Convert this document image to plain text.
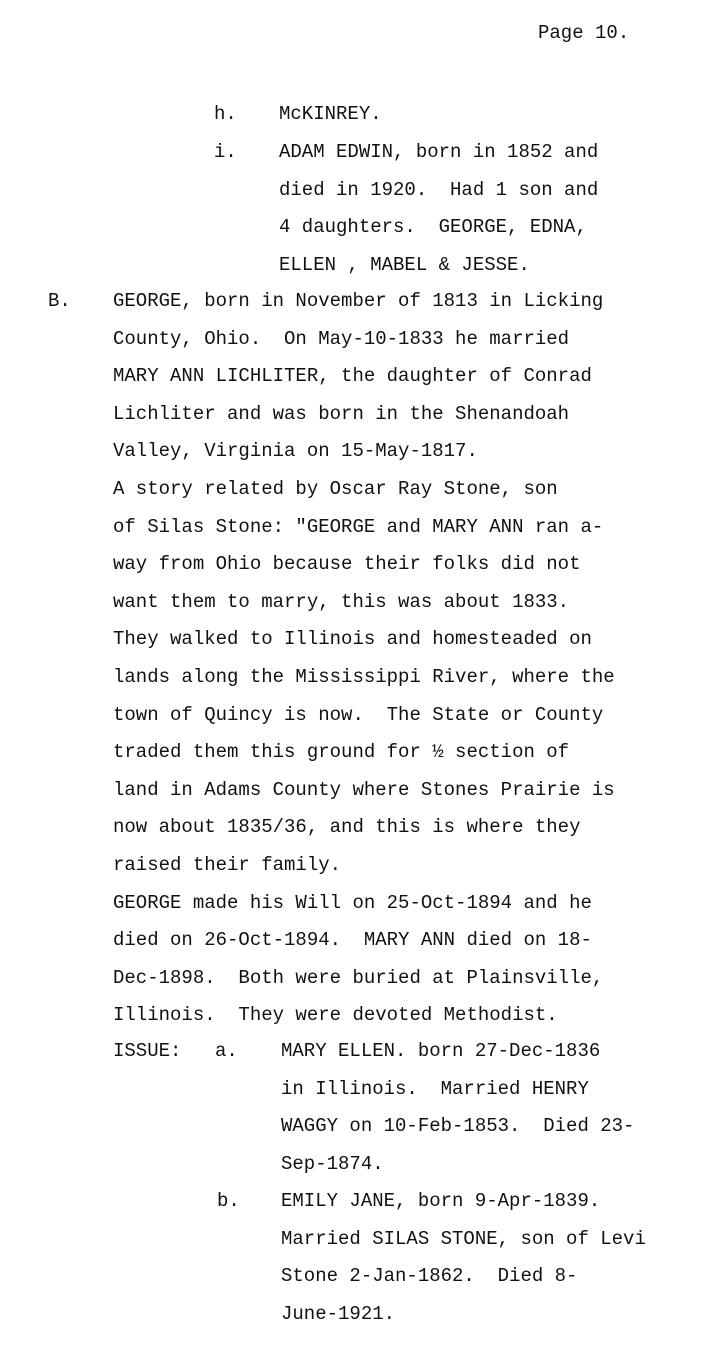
Page 10.
h. McKINREY.
i. ADAM EDWIN, born in 1852 and
died in 1920.  Had 1 son and
4 daughters.  GEORGE, EDNA,
ELLEN , MABEL & JESSE.
B. GEORGE, born in November of 1813 in Licking
County, Ohio.  On May-10-1833 he married
MARY ANN LICHLITER, the daughter of Conrad
Lichliter and was born in the Shenandoah
Valley, Virginia on 15-May-1817.
A story related by Oscar Ray Stone, son
of Silas Stone: "GEORGE and MARY ANN ran a-
way from Ohio because their folks did not
want them to marry, this was about 1833.
They walked to Illinois and homesteaded on
lands along the Mississippi River, where the
town of Quincy is now.  The State or County
traded them this ground for ½ section of
land in Adams County where Stones Prairie is
now about 1835/36, and this is where they
raised their family.
GEORGE made his Will on 25-Oct-1894 and he
died on 26-Oct-1894.  MARY ANN died on 18-
Dec-1898.  Both were buried at Plainsville,
Illinois.  They were devoted Methodist.
ISSUE: a. MARY ELLEN. born 27-Dec-1836
in Illinois.  Married HENRY
WAGGY on 10-Feb-1853.  Died 23-
Sep-1874.
b. EMILY JANE, born 9-Apr-1839.
Married SILAS STONE, son of Levi
Stone 2-Jan-1862.  Died 8-
June-1921.
